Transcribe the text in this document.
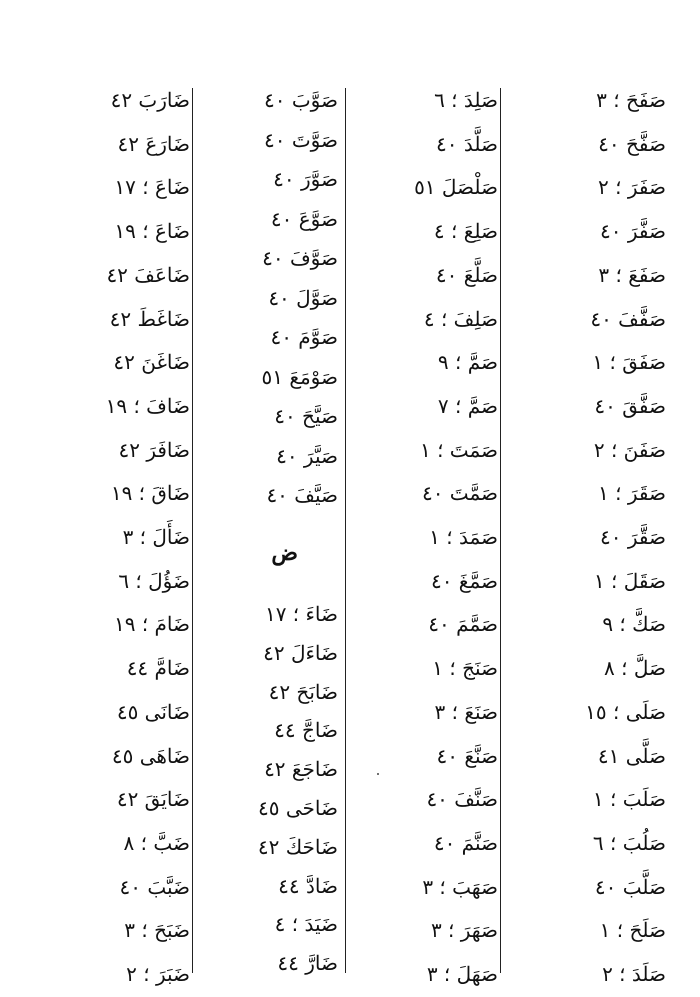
صَفَحَ ؛ ٣
صَفَّحَ ٤٠
صَفَرَ ؛ ٢
صَفَّرَ ٤٠
صَفَعَ ؛ ٣
صَفَّفَ ٤٠
صَفَقَ ؛ ١
صَفَّقَ ٤٠
صَفَنَ ؛ ٢
صَقَرَ ؛ ١
صَقَّرَ ٤٠
صَقَلَ ؛ ١
صَكَّ ؛ ٩
صَلَّ ؛ ٨
صَلَى ؛ ١٥
صَلَّى ٤١
صَلَبَ ؛ ١
صَلُبَ ؛ ٦
صَلَّبَ ٤٠
صَلَحَ ؛ ١
صَلَدَ ؛ ٢
صَلِدَ ؛ ٦
صَلَّدَ ٤٠
صَلْصَلَ ٥١
صَلِعَ ؛ ٤
صَلَّعَ ٤٠
صَلِفَ ؛ ٤
صَمَّ ؛ ٩
صَمَّ ؛ ٧
صَمَتَ ؛ ١
صَمَّتَ ٤٠
صَمَدَ ؛ ١
صَمَّغَ ٤٠
صَمَّمَ ٤٠
صَنَجَ ؛ ١
صَنَعَ ؛ ٣
صَنَّعَ ٤٠
صَنَّفَ ٤٠
صَنَّمَ ٤٠
صَهَبَ ؛ ٣
صَهَرَ ؛ ٣
صَهَلَ ؛ ٣
صَوَّبَ ٤٠
صَوَّتَ ٤٠
صَوَّرَ ٤٠
صَوَّعَ ٤٠
صَوَّفَ ٤٠
صَوَّلَ ٤٠
صَوَّمَ ٤٠
صَوْمَعَ ٥١
صَيَّحَ ٤٠
صَيَّرَ ٤٠
صَيَّفَ ٤٠
ضَاءَ ؛ ١٧
ضَاءَلَ ٤٢
ضَابَحَ ٤٢
ضَاجَّ ٤٤
ضَاجَعَ ٤٢
ضَاحَى ٤٥
ضَاحَكَ ٤٢
ضَادَّ ٤٤
ضَيَدَ ؛ ٤
ضَارَّ ٤٤
ضَارَبَ ٤٢
ضَارَعَ ٤٢
ضَاعَ ؛ ١٧
ضَاعَ ؛ ١٩
ضَاعَفَ ٤٢
ضَاغَطَ ٤٢
ضَاغَنَ ٤٢
ضَافَ ؛ ١٩
ضَافَرَ ٤٢
ضَاقَ ؛ ١٩
ضَأَلَ ؛ ٣
ضَؤُلَ ؛ ٦
ضَامَ ؛ ١٩
ضَامَّ ٤٤
ضَانَى ٤٥
ضَاهَى ٤٥
ضَايَقَ ٤٢
ضَبَّ ؛ ٨
ضَبَّبَ ٤٠
ضَبَحَ ؛ ٣
ضَبَرَ ؛ ٢
ض
